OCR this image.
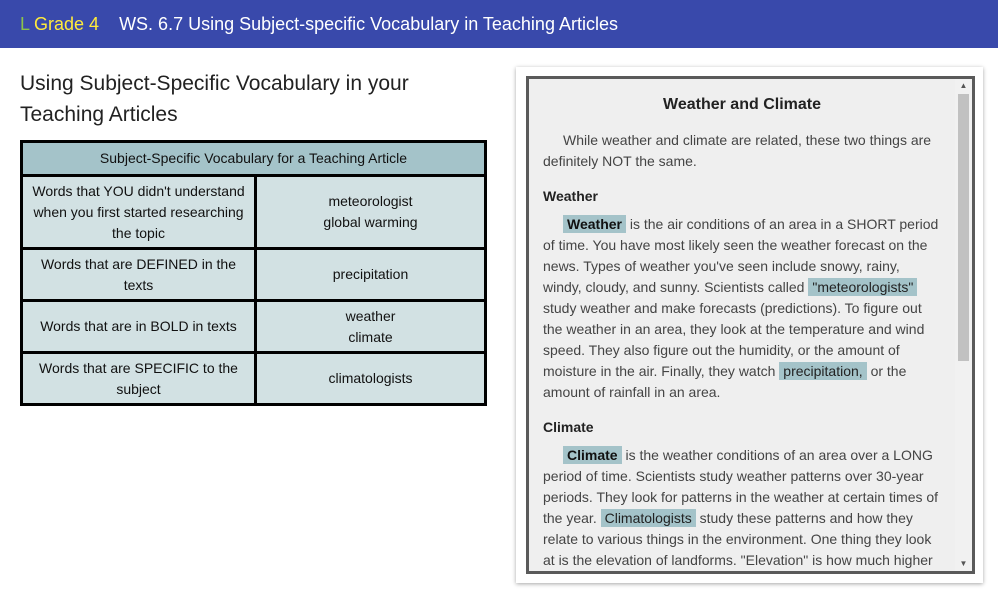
L Grade 4 WS. 6.7 Using Subject-specific Vocabulary in Teaching Articles
Using Subject-Specific Vocabulary in your Teaching Articles
Subject-Specific Vocabulary for a Teaching Article	
Words that YOU didn't understand when you first started researching the topic	meteorologist
global warming

Words that are DEFINED in the texts	precipitation

Words that are in BOLD in texts	weather
climate

Words that are SPECIFIC to the subject	climatologists

Weather and Climate

While weather and climate are related, these two things are definitely NOT the same.

Weather

Weather is the air conditions of an area in a SHORT period of time. You have most likely seen the weather forecast on the news. Types of weather you've seen include snowy, rainy, windy, cloudy, and sunny. Scientists called "meteorologists" study weather and make forecasts (predictions). To figure out the weather in an area, they look at the temperature and wind speed. They also figure out the humidity, or the amount of moisture in the air. Finally, they watch precipitation, or the amount of rainfall in an area.

Climate

Climate is the weather conditions of an area over a LONG period of time. Scientists study weather patterns over 30-year periods. They look for patterns in the weather at certain times of the year. Climatologists study these patterns and how they relate to various things in the environment. One thing they look at is the elevation of landforms. "Elevation" is how much higher

▲
▼
